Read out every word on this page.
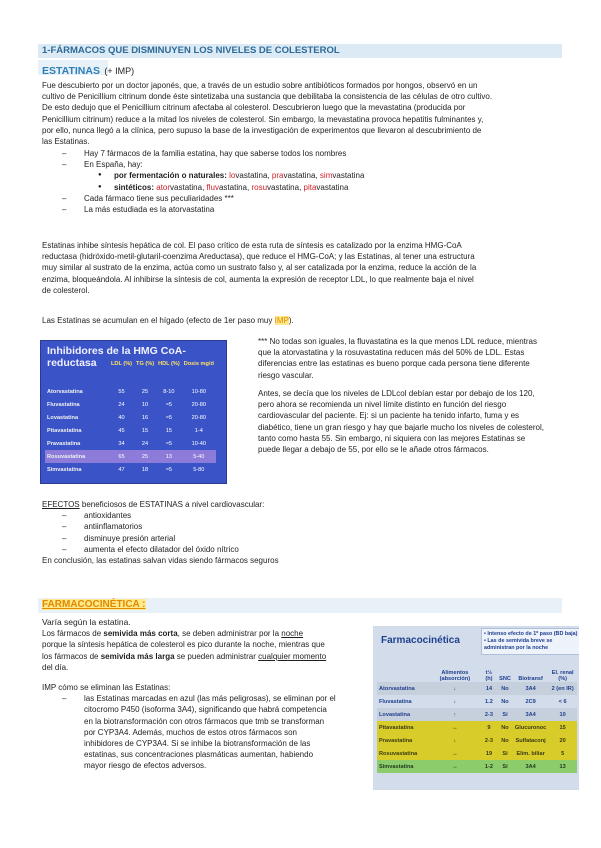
1-FÁRMACOS QUE DISMINUYEN LOS NIVELES DE COLESTEROL
ESTATINAS (+ IMP)

Fue descubierto por un doctor japonés, que, a través de un estudio sobre antibióticos formados por hongos, observó en un

cultivo de Penicillium citrinum donde éste sintetizaba una sustancia que debilitaba la consistencia de las células de otro cultivo.

De esto dedujo que el Penicillium citrinum afectaba al colesterol. Descubrieron luego que la mevastatina (producida por

Penicillium citrinum) reduce a la mitad los niveles de colesterol. Sin embargo, la mevastatina provoca hepatitis fulminantes y,

por ello, nunca llegó a la clínica, pero supuso la base de la investigación de experimentos que llevaron al descubrimiento de

las Estatinas.

– Hay 7 fármacos de la familia estatina, hay que saberse todos los nombres
– En España, hay:
● por fermentación o naturales: lovastatina, pravastatina, simvastatina
● sintéticos: atorvastatina, fluvastatina, rosuvastatina, pitavastatina
– Cada fármaco tiene sus peculiaridades ***
– La más estudiada es la atorvastatina

Estatinas inhibe síntesis hepática de col. El paso crítico de esta ruta de síntesis es catalizado por la enzima HMG-CoA

reductasa (hidróxido-metil-glutaril-coenzima Areductasa), que reduce el HMG-CoA; y las Estatinas, al tener una estructura

muy similar al sustrato de la enzima, actúa como un sustrato falso y, al ser catalizada por la enzima, reduce la acción de la

enzima, bloqueándola. Al inhibirse la síntesis de col, aumenta la expresión de receptor LDL, lo que realmente baja el nivel

de colesterol.

Las Estatinas se acumulan en el hígado (efecto de 1er paso muy IMP).

Inhibidores de la HMG CoA-reductasa
		LDL (%)	TG (%)	HDL (%)	Dosis mg/d
Atorvastatina	55	25	8-10	10-80
Fluvastatina	24	10	≈5	20-80
Lovastatina	40	16	≈5	20-80
Pitavastatina	45	15	15	1-4
Pravastatina	34	24	≈5	10-40
Rosuvastatina	65	25	13	5-40
Simvastatina	47	18	≈5	5-80

*** No todas son iguales, la fluvastatina es la que menos LDL reduce, mientras

que la atorvastatina y la rosuvastatina reducen más del 50% de LDL. Estas

diferencias entre las estatinas es bueno porque cada persona tiene diferente

riesgo vascular.

Antes, se decía que los niveles de LDLcol debían estar por debajo de los 120,

pero ahora se recomienda un nivel límite distinto en función del riesgo

cardiovascular del paciente. Ej: si un paciente ha tenido infarto, fuma y es

diabético, tiene un gran riesgo y hay que bajarle mucho los niveles de colesterol,

tanto como hasta 55. Sin embargo, ni siquiera con las mejores Estatinas se

puede llegar a debajo de 55, por ello se le añade otros fármacos.

EFECTOS beneficiosos de ESTATINAS a nivel cardiovascular:

– antioxidantes
– antiinflamatorios
– disminuye presión arterial
– aumenta el efecto dilatador del óxido nítrico

En conclusión, las estatinas salvan vidas siendo fármacos seguros

FARMACOCINÉTICA :

Varía según la estatina.

Los fármacos de semivida más corta, se deben administrar por la noche

porque la síntesis hepática de colesterol es pico durante la noche, mientras que

los fármacos de semivida más larga se pueden administrar cualquier momento

del día.

IMP cómo se eliminan las Estatinas:

– las Estatinas marcadas en azul (las más peligrosas), se eliminan por el
citocromo P450 (isoforma 3A4), significando que habrá competencia
en la biotransformación con otros fármacos que tmb se transforman
por CYP3A4. Además, muchos de estos otros fármacos son
inhibidores de CYP3A4. Si se inhibe la biotransformación de las
estatinas, sus concentraciones plasmáticas aumentan, habiendo
mayor riesgo de efectos adversos.
Farmacocinética
• Intenso efecto de 1º paso (BD baja)
• Las de semivida breve se administran por la noche
	Alimentos (absorción)	t½ (h)	SNC	Biotransf	El. renal (%)
Atorvastatina	↓	14	No	3A4	2 (en IR)
Fluvastatina	↓	1.2	No	2C9	< 6
Lovastatina	↑	2-3	Sí	3A4	10
Pitavastatina	↔	9	No	Glucuronoc	15
Pravastatina	↓	2-3	No	Sulfataconj	20
Rosuvastatina	↔	19	Sí	Elim. biliar	5
Simvastatina	↔	1-2	Sí	3A4	13
